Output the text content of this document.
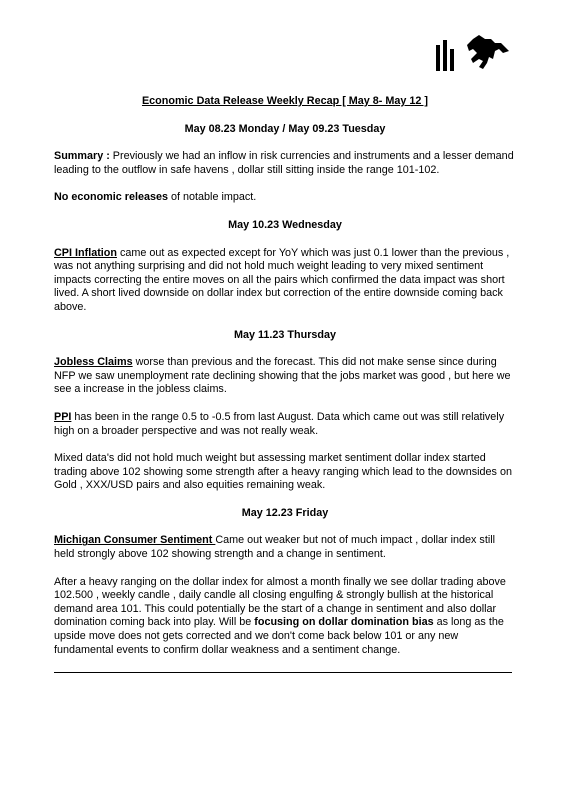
Economic Data Release Weekly Recap [ May 8- May 12 ]
May 08.23 Monday / May 09.23 Tuesday

Summary : Previously we had an inflow in risk currencies and instruments and a lesser demand leading to the outflow in safe havens , dollar still sitting inside the range 101-102.

No economic releases of notable impact.

May 10.23 Wednesday

CPI Inflation came out as expected except for YoY which was just 0.1 lower than the previous , was not anything surprising and did not hold much weight leading to very mixed sentiment impacts correcting the entire moves on all the pairs which confirmed the data impact was short lived. A short lived downside on dollar index but correction of the entire downside coming back above.

May 11.23 Thursday

Jobless Claims worse than previous and the forecast. This did not make sense since during NFP we saw unemployment rate declining showing that the jobs market was good , but here we see a increase in the jobless claims.

PPI has been in the range 0.5 to -0.5 from last August. Data which came out was still relatively high on a broader perspective and was not really weak.

Mixed data's did not hold much weight but assessing market sentiment dollar index started trading above 102 showing some strength after a heavy ranging which lead to the downsides on Gold , XXX/USD pairs and also equities remaining weak.

May 12.23 Friday

Michigan Consumer Sentiment Came out weaker but not of much impact , dollar index still held strongly above 102 showing strength and a change in sentiment.

After a heavy ranging on the dollar index for almost a month finally we see dollar trading above 102.500 , weekly candle , daily candle all closing engulfing & strongly bullish at the historical demand area 101. This could potentially be the start of a change in sentiment and also dollar domination coming back into play. Will be focusing on dollar domination bias as long as the upside move does not gets corrected and we don't come back below 101 or any new fundamental events to confirm dollar weakness and a sentiment change.
